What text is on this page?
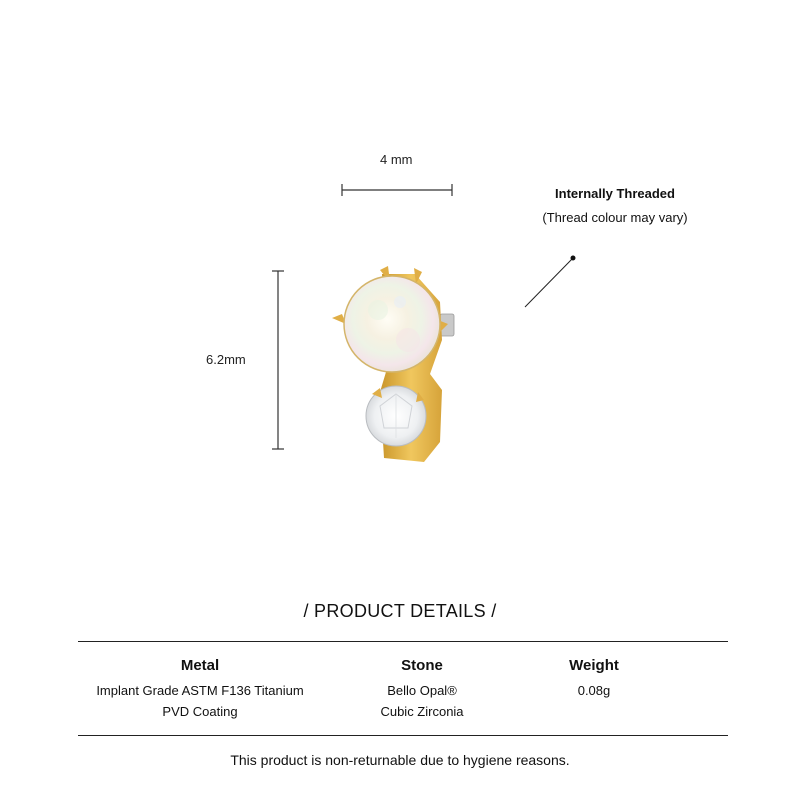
4 mm
6.2mm
Internally Threaded
(Thread colour may vary)
/ PRODUCT DETAILS /
Metal
Implant Grade ASTM F136 Titanium
PVD Coating
Stone
Bello Opal®
Cubic Zirconia
Weight
0.08g
This product is non-returnable due to hygiene reasons.
